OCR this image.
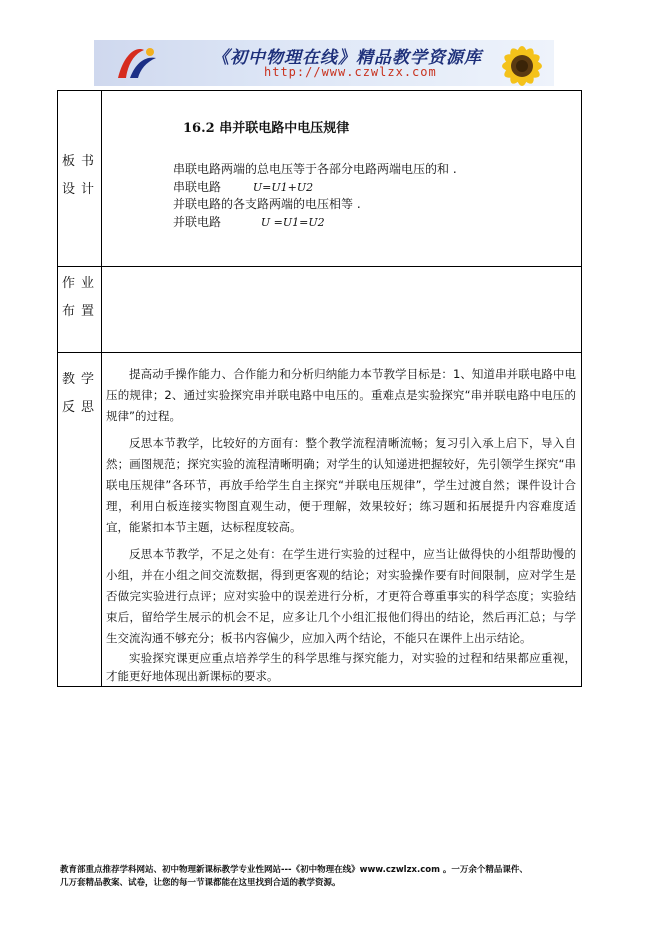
《初中物理在线》精品教学资源库
http://www.czwlzx.com
板书
设计
作业
布置
教学
反思
16.2 串并联电路中电压规律
串联电路两端的总电压等于各部分电路两端电压的和 .
串联电路	U=U1+U2
并联电路的各支路两端的电压相等 .
并联电路	U =U1=U2

提高动手操作能力、合作能力和分析归纳能力本节教学目标是：1、知道串并联电路中电压的规律；2、通过实验探究串并联电路中电压的。重难点是实验探究“串并联电路中电压的规律”的过程。

反思本节教学，比较好的方面有：整个教学流程清晰流畅；复习引入承上启下，导入自然；画图规范；探究实验的流程清晰明确；对学生的认知递进把握较好，先引领学生探究“串联电压规律”各环节，再放手给学生自主探究“并联电压规律”，学生过渡自然；课件设计合理，利用白板连接实物图直观生动，便于理解，效果较好；练习题和拓展提升内容难度适宜，能紧扣本节主题，达标程度较高。

反思本节教学，不足之处有：在学生进行实验的过程中，应当让做得快的小组帮助慢的小组，并在小组之间交流数据，得到更客观的结论；对实验操作要有时间限制，应对学生是否做完实验进行点评；应对实验中的误差进行分析，才更符合尊重事实的科学态度；实验结束后，留给学生展示的机会不足，应多让几个小组汇报他们得出的结论，然后再汇总；与学生交流沟通不够充分；板书内容偏少，应加入两个结论，不能只在课件上出示结论。

实验探究课更应重点培养学生的科学思维与探究能力，对实验的过程和结果都应重视，才能更好地体现出新课标的要求。

教育部重点推荐学科网站、初中物理新课标教学专业性网站---《初中物理在线》www.czwlzx.com 。一万余个精品课件、
几万套精品教案、试卷，让您的每一节课都能在这里找到合适的教学资源。
